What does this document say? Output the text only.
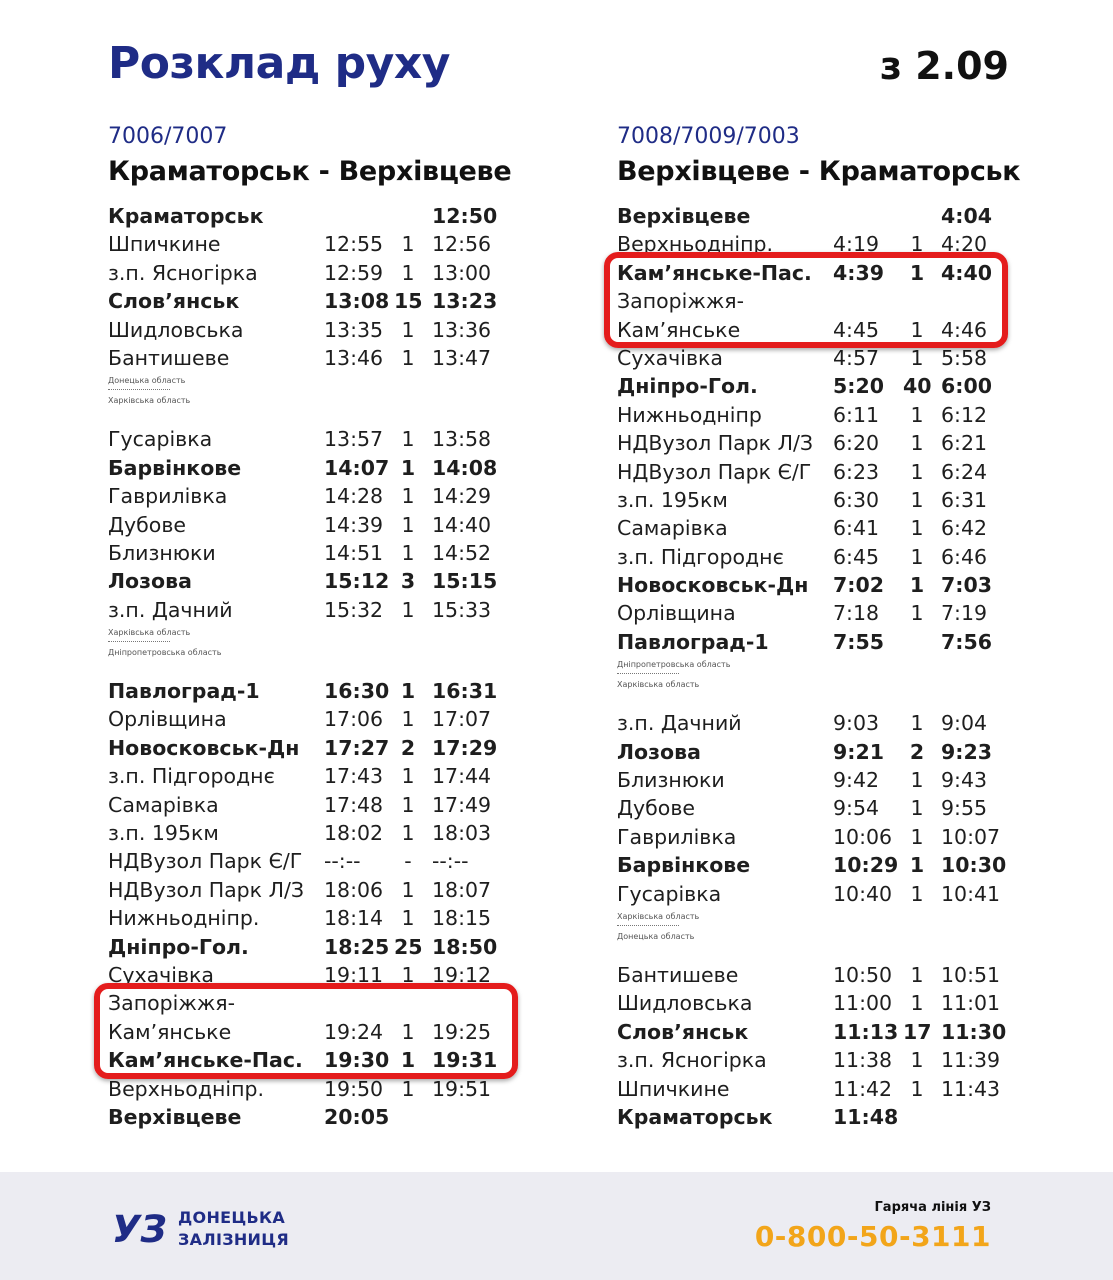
Розклад руху	з 2.09
7006/7007
Краматорськ - Верхівцеве
Краматорськ	12:50
Шпичкине	12:55 1 12:56
з.п. Ясногірка	12:59 1 13:00
Слов’янськ	13:08 15 13:23
Шидловська	13:35 1 13:36
Бантишеве	13:46 1 13:47
Донецька область
Харківська область
Гусарівка	13:57 1 13:58
Барвінкове	14:07 1 14:08
Гаврилівка	14:28 1 14:29
Дубове	14:39 1 14:40
Близнюки	14:51 1 14:52
Лозова	15:12 3 15:15
з.п. Дачний	15:32 1 15:33
Харківська область
Дніпропетровська область
Павлоград-1	16:30 1 16:31
Орлівщина	17:06 1 17:07
Новосковськ-Дн 17:27 2 17:29
з.п. Підгороднє 17:43 1 17:44
Самарівка	17:48 1 17:49
з.п. 195км	18:02 1 18:03
НДВузол Парк Є/Г --:--	- --:--
НДВузол Парк Л/З 18:06 1 18:07
Нижньодніпр.	18:14 1 18:15
Дніпро-Гол.	18:25 25 18:50
Сухачівка	19:11 1 19:12
Запоріжжя-
Кам’янське	19:24 1 19:25
Кам’янське-Пас. 19:30 1 19:31
Верхньодніпр.	19:50 1 19:51
Верхівцеве	20:05
7008/7009/7003
Верхівцеве - Краматорськ
Верхівцеве	4:04
Верхньодніпр.	4:19	1 4:20
Кам’янське-Пас. 4:39	1 4:40
Запоріжжя-
Кам’янське	4:45	1 4:46
Сухачівка	4:57	1 5:58
Дніпро-Гол.	5:20 40 6:00
Нижньодніпр	6:11	1 6:12
НДВузол Парк Л/З 6:20	1 6:21
НДВузол Парк Є/Г 6:23	1 6:24
з.п. 195км	6:30	1 6:31
Самарівка	6:41	1 6:42
з.п. Підгороднє 6:45	1 6:46
Новосковськ-Дн 7:02	1 7:03
Орлівщина	7:18	1 7:19
Павлоград-1	7:55	7:56
Дніпропетровська область
Харківська область
з.п. Дачний	9:03	1 9:04
Лозова	9:21	2 9:23
Близнюки	9:42	1 9:43
Дубове	9:54	1 9:55
Гаврилівка	10:06 1 10:07
Барвінкове	10:29 1 10:30
Гусарівка	10:40 1 10:41
Харківська область
Донецька область
Бантишеве	10:50 1 10:51
Шидловська	11:00 1 11:01
Слов’янськ	11:13 17 11:30
з.п. Ясногірка	11:38 1 11:39
Шпичкине	11:42 1 11:43
Краматорськ	11:48
УЗ ДОНЕЦЬКА
ЗАЛІЗНИЦЯ
Гаряча лінія УЗ
0-800-50-3111
